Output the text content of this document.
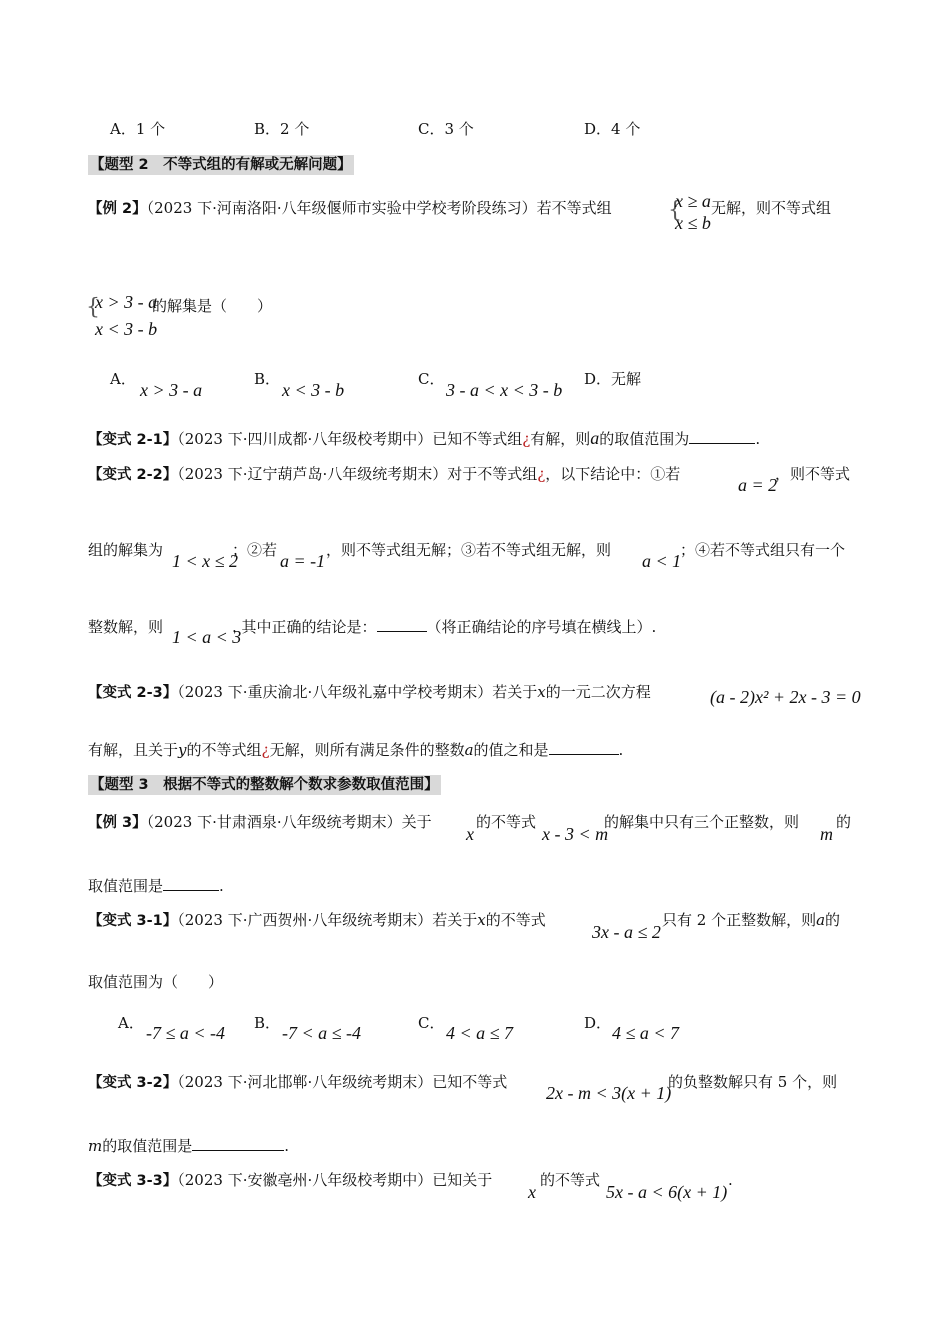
A．1 个	B．2 个	C．3 个	D．4 个
【题型 2　不等式组的有解或无解问题】
【例 2】（2023 下·河南洛阳·八年级偃师市实验中学校考阶段练习）若不等式组	{
x ≥ a
x ≤ b
无解，则不等式组
{
x > 3 - a
的解集是（　　）
x < 3 - b
A．
x > 3 - a
B．
x < 3 - b
C．
3 - a < x < 3 - b
D．无解
【变式 2-1】（2023 下·四川成都·八年级校考期中）已知不等式组¿有解，则a的取值范围为	.
【变式 2-2】（2023 下·辽宁葫芦岛·八年级统考期末）对于不等式组¿，以下结论中：①若
a = 2
，则不等式
组的解集为
1 < x ≤ 2
；②若
a = -1
，则不等式组无解；③若不等式组无解，则
a < 1
；④若不等式组只有一个
整数解，则 1 < a < 3
. 其中正确的结论是：	（将正确结论的序号填在横线上）.
【变式 2-3】（2023 下·重庆渝北·八年级礼嘉中学校考期末）若关于x的一元二次方程	(a - 2)x² + 2x - 3 = 0
有解，且关于y的不等式组¿无解，则所有满足条件的整数a的值之和是	.
【题型 3　根据不等式的整数解个数求参数取值范围】
【例 3】（2023 下·甘肃酒泉·八年级统考期末）关于
x
的不等式
x - 3 < m
的解集中只有三个正整数，则
m
的
取值范围是	.
【变式 3-1】（2023 下·广西贺州·八年级统考期末）若关于x的不等式
3x - a ≤ 2
只有 2 个正整数解，则a的
取值范围为（　　）
A． -7 ≤ a < -4 B． -7 < a ≤ -4	C． 4 < a ≤ 7	D． 4 ≤ a < 7
【变式 3-2】（2023 下·河北邯郸·八年级统考期末）已知不等式
2x - m < 3(x + 1)
的负整数解只有 5 个，则
m的取值范围是	.
【变式 3-3】（2023 下·安徽亳州·八年级校考期中）已知关于
x
的不等式
5x - a < 6(x + 1)
.
